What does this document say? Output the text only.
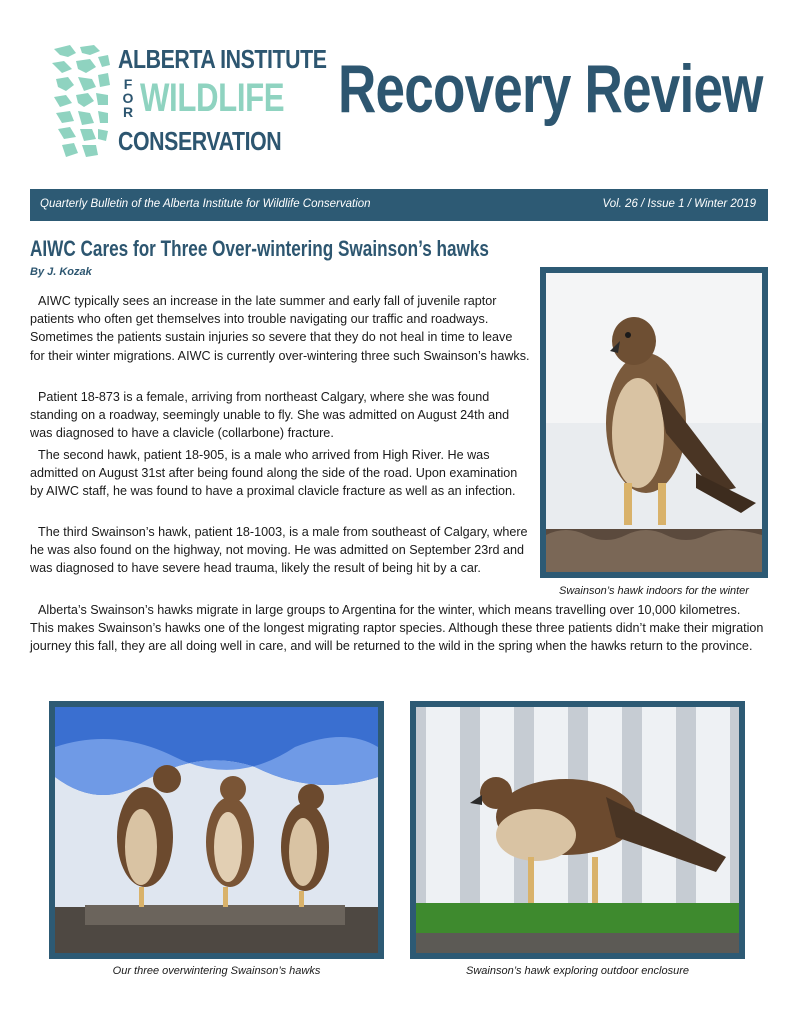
ALBERTA INSTITUTE
F
O
R WILDLIFE
CONSERVATION
Recovery Review
Quarterly Bulletin of the Alberta Institute for Wildlife Conservation	Vol. 26 / Issue 1 / Winter 2019
AIWC Cares for Three Over-wintering Swainson’s hawks
By J. Kozak

AIWC typically sees an increase in the late summer and early fall of juvenile raptor patients who often get themselves into trouble navigating our traffic and roadways. Sometimes the patients sustain injuries so severe that they do not heal in time to leave for their winter migrations. AIWC is currently over-wintering three such Swainson’s hawks.

Patient 18-873 is a female, arriving from northeast Calgary, where she was found standing on a roadway, seemingly unable to fly. She was admitted on August 24th and was diagnosed to have a clavicle (collarbone) fracture.

The second hawk, patient 18-905, is a male who arrived from High River. He was admitted on August 31st after being found along the side of the road. Upon examination by AIWC staff, he was found to have a proximal clavicle fracture as well as an infection.

The third Swainson’s hawk, patient 18-1003, is a male from southeast of Calgary, where he was also found on the highway, not moving. He was admitted on September 23rd and was diagnosed to have severe head trauma, likely the result of being hit by a car.

Alberta’s Swainson’s hawks migrate in large groups to Argentina for the winter, which means travelling over 10,000 kilometres. This makes Swainson’s hawks one of the longest migrating raptor species. Although these three patients didn’t make their migration journey this fall, they are all doing well in care, and will be returned to the wild in the spring when the hawks return to the province.

Swainson’s hawk indoors for the winter
Our three overwintering Swainson’s hawks	Swainson’s hawk exploring outdoor enclosure
